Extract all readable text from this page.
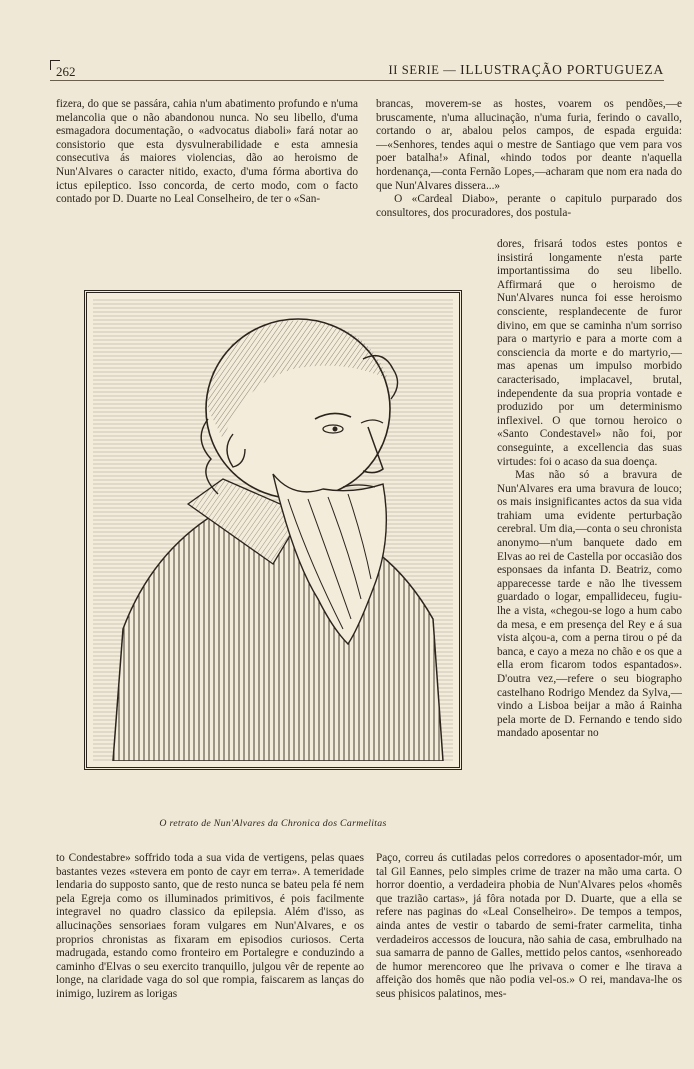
262	II SERIE — ILLUSTRAÇÃO PORTUGUEZA

fizera, do que se passára, cahia n'um abatimento profundo e n'uma melancolia que o não abandonou nunca. No seu libello, d'uma esmagadora documentação, o «advocatus diaboli» fará notar ao consistorio que esta dysvulnerabilidade e esta amnesia consecutiva ás maiores violencias, dão ao heroismo de Nun'Alvares o caracter nitido, exacto, d'uma fórma abortiva do ictus epileptico. Isso concorda, de certo modo, com o facto contado por D. Duarte no Leal Conselheiro, de ter o «San-

brancas, moverem-se as hostes, voarem os pendões,—e bruscamente, n'uma allucinação, n'uma furia, ferindo o cavallo, cortando o ar, abalou pelos campos, de espada erguida:—«Senhores, tendes aqui o mestre de Santiago que vem para vos poer batalha!» Afinal, «hindo todos por deante n'aquella hordenança,—conta Fernão Lopes,—acharam que nom era nada do que Nun'Alvares dissera...»

O «Cardeal Diabo», perante o capitulo purparado dos consultores, dos procuradores, dos postula-

dores, frisará todos estes pontos e insistirá longamente n'esta parte importantissima do seu libello. Affirmará que o heroismo de Nun'Alvares nunca foi esse heroismo consciente, resplandecente de furor divino, em que se caminha n'um sorriso para o martyrio e para a morte com a consciencia da morte e do martyrio,—mas apenas um impulso morbido caracterisado, implacavel, brutal, independente da sua propria vontade e produzido por um determinismo inflexivel. O que tornou heroico o «Santo Condestavel» não foi, por conseguinte, a excellencia das suas virtudes: foi o acaso da sua doença.

Mas não só a bravura de Nun'Alvares era uma bravura de louco; os mais insignificantes actos da sua vida trahiam uma evidente perturbação cerebral. Um dia,—conta o seu chronista anonymo—n'um banquete dado em Elvas ao rei de Castella por occasião dos esponsaes da infanta D. Beatriz, como apparecesse tarde e não lhe tivessem guardado o logar, empallideceu, fugiu-lhe a vista, «chegou-se logo a hum cabo da mesa, e em presença del Rey e á sua vista alçou-a, com a perna tirou o pé da banca, e cayo a meza no chão e os que a ella erom ficarom todos espantados». D'outra vez,—refere o seu biographo castelhano Rodrigo Mendez da Sylva,—vindo a Lisboa beijar a mão á Rainha pela morte de D. Fernando e tendo sido mandado aposentar no

O retrato de Nun'Alvares da Chronica dos Carmelitas

to Condestabre» soffrido toda a sua vida de vertigens, pelas quaes bastantes vezes «stevera em ponto de cayr em terra». A temeridade lendaria do supposto santo, que de resto nunca se bateu pela fé nem pela Egreja como os illuminados primitivos, é pois facilmente integravel no quadro classico da epilepsia. Além d'isso, as allucinações sensoriaes foram vulgares em Nun'Alvares, e os proprios chronistas as fixaram em episodios curiosos. Certa madrugada, estando como fronteiro em Portalegre e conduzindo a caminho d'Elvas o seu exercito tranquillo, julgou vêr de repente ao longe, na claridade vaga do sol que rompia, faiscarem as lanças do inimigo, luzirem as lorigas

Paço, correu ás cutiladas pelos corredores o aposentador-mór, um tal Gil Eannes, pelo simples crime de trazer na mão uma carta. O horror doentio, a verdadeira phobia de Nun'Alvares pelos «homês que trazião cartas», já fôra notada por D. Duarte, que a ella se refere nas paginas do «Leal Conselheiro». De tempos a tempos, ainda antes de vestir o tabardo de semi-frater carmelita, tinha verdadeiros accessos de loucura, não sahia de casa, embrulhado na sua samarra de panno de Galles, mettido pelos cantos, «senhoreado de humor merencoreo que lhe privava o comer e lhe tirava a affeição dos homês que não podia vel-os.» O rei, mandava-lhe os seus phisicos palatinos, mes-
